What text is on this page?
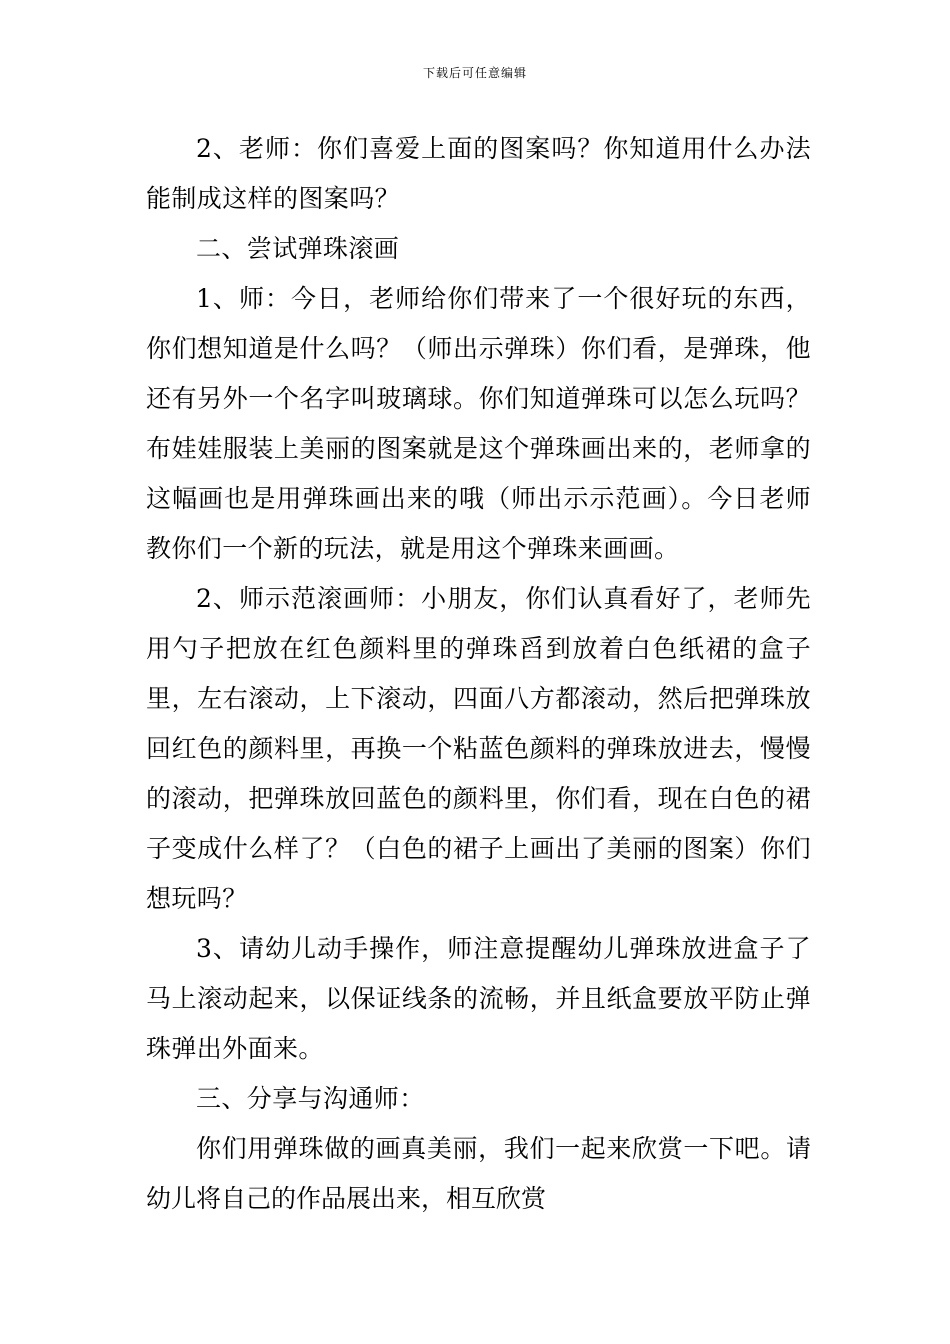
下载后可任意编辑

2、老师：你们喜爱上面的图案吗？你知道用什么办法能制成这样的图案吗？

二、尝试弹珠滚画

1、师：今日，老师给你们带来了一个很好玩的东西，你们想知道是什么吗？（师出示弹珠）你们看，是弹珠，他还有另外一个名字叫玻璃球。你们知道弹珠可以怎么玩吗？布娃娃服装上美丽的图案就是这个弹珠画出来的，老师拿的这幅画也是用弹珠画出来的哦（师出示示范画）。今日老师教你们一个新的玩法，就是用这个弹珠来画画。

2、师示范滚画师：小朋友，你们认真看好了，老师先用勺子把放在红色颜料里的弹珠舀到放着白色纸裙的盒子里，左右滚动，上下滚动，四面八方都滚动，然后把弹珠放回红色的颜料里，再换一个粘蓝色颜料的弹珠放进去，慢慢的滚动，把弹珠放回蓝色的颜料里，你们看，现在白色的裙子变成什么样了？（白色的裙子上画出了美丽的图案）你们想玩吗？

3、请幼儿动手操作，师注意提醒幼儿弹珠放进盒子了马上滚动起来，以保证线条的流畅，并且纸盒要放平防止弹珠弹出外面来。

三、分享与沟通师：

你们用弹珠做的画真美丽，我们一起来欣赏一下吧。请幼儿将自己的作品展出来，相互欣赏
